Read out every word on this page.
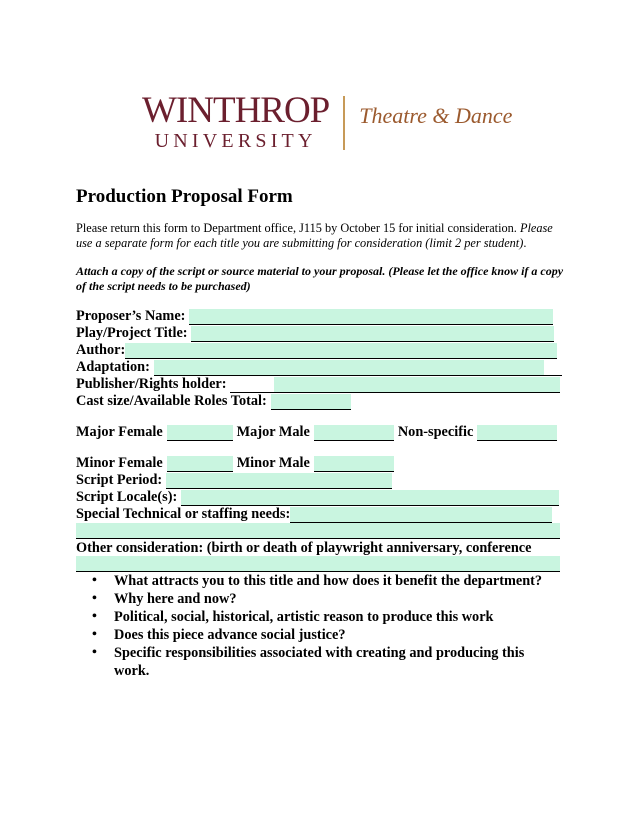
WINTHROP
UNIVERSITY
Theatre & Dance
Production Proposal Form
Please return this form to Department office, J115 by October 15 for initial consideration. Please use a separate form for each title you are submitting for consideration (limit 2 per student).
Attach a copy of the script or source material to your proposal. (Please let the office know if a copy of the script needs to be purchased)
Proposer’s Name:
Play/Project Title:
Author:
Adaptation:
Publisher/Rights holder:
Cast size/Available Roles Total:
Major Female	Major Male	Non-specific
Minor Female	Minor Male
Script Period:
Script Locale(s):
Special Technical or staffing needs:
Other consideration: (birth or death of playwright anniversary, conference
• What attracts you to this title and how does it benefit the department?
• Why here and now?
• Political, social, historical, artistic reason to produce this work
• Does this piece advance social justice?
• Specific responsibilities associated with creating and producing this work.
